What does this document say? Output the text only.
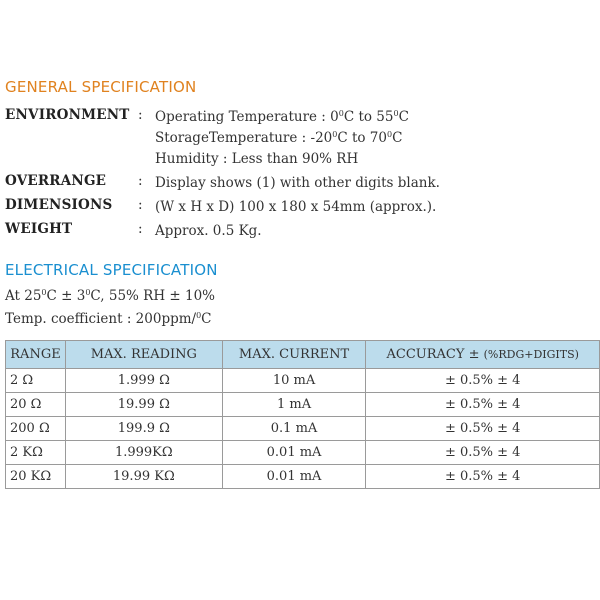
GENERAL SPECIFICATION
ENVIRONMENT : Operating Temperature : $0^0C$ to $55^0C$
StorageTemperature : $-20^0C$ to $70^0C$
Humidity : Less than 90% RH
OVERRANGE : Display shows (1) with other digits blank.
DIMENSIONS : (W x H x D) 100 x 180 x 54mm (approx.).
WEIGHT	: Approx. 0.5 Kg.
ELECTRICAL SPECIFICATION
At $25^0C \pm 3^0C$, 55% RH ± 10%
Temp. coefficient : 200ppm/$^0$C
RANGE	MAX. READING	MAX. CURRENT	ACCURACY ± (%RDG+DIGITS)
2 Ω	1.999 Ω	10 mA	± 0.5% ± 4
20 Ω	19.99 Ω	1 mA	± 0.5% ± 4
200 Ω	199.9 Ω	0.1 mA	± 0.5% ± 4
2 KΩ	1.999KΩ	0.01 mA	± 0.5% ± 4
20 KΩ	19.99 KΩ	0.01 mA	± 0.5% ± 4
